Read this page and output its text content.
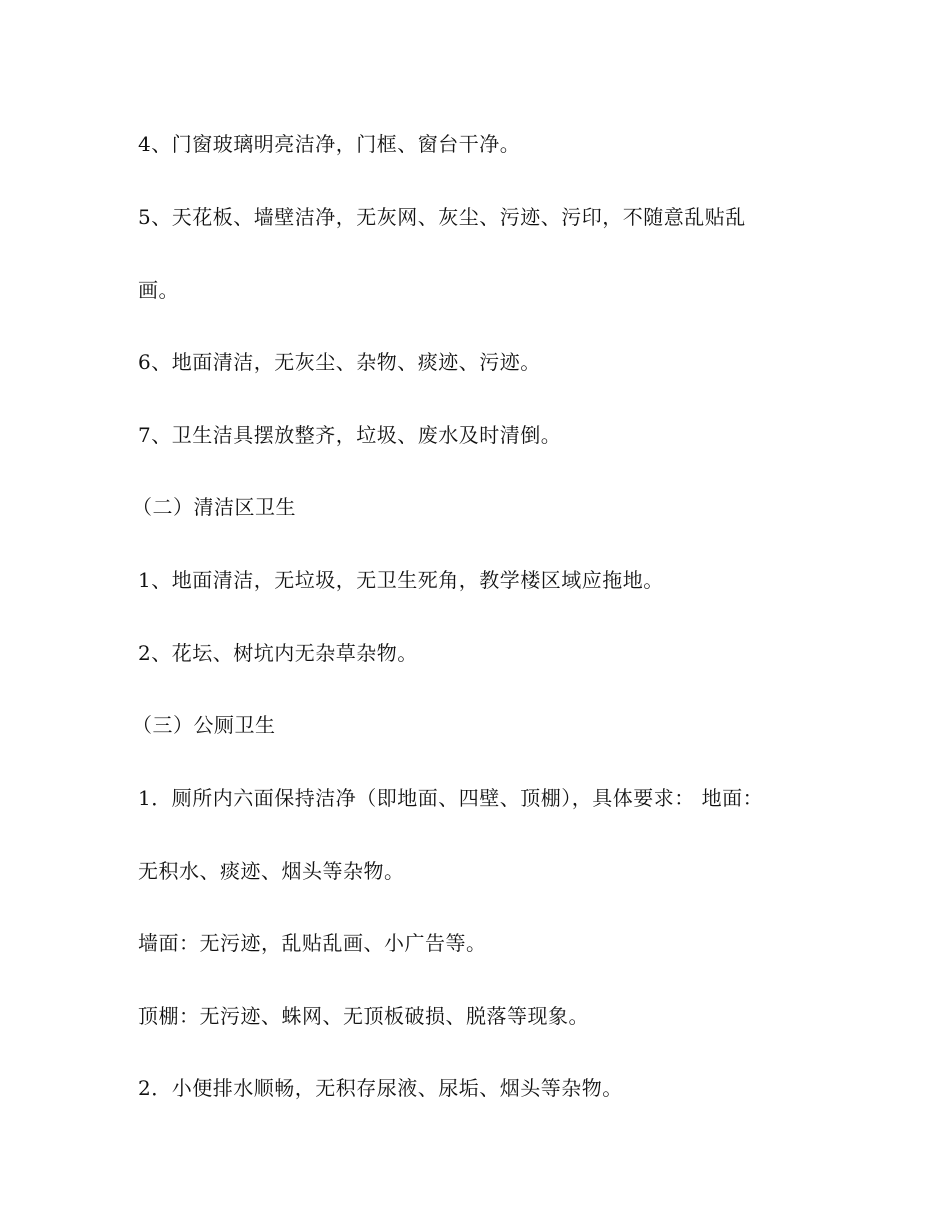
4、门窗玻璃明亮洁净，门框、窗台干净。
5、天花板、墙壁洁净，无灰网、灰尘、污迹、污印，不随意乱贴乱
画。
6、地面清洁，无灰尘、杂物、痰迹、污迹。
7、卫生洁具摆放整齐，垃圾、废水及时清倒。
（二）清洁区卫生
1、地面清洁，无垃圾，无卫生死角，教学楼区域应拖地。
2、花坛、树坑内无杂草杂物。
（三）公厕卫生
1．厕所内六面保持洁净（即地面、四壁、顶棚），具体要求： 地面：
无积水、痰迹、烟头等杂物。
墙面：无污迹，乱贴乱画、小广告等。
顶棚：无污迹、蛛网、无顶板破损、脱落等现象。
2．小便排水顺畅，无积存尿液、尿垢、烟头等杂物。
